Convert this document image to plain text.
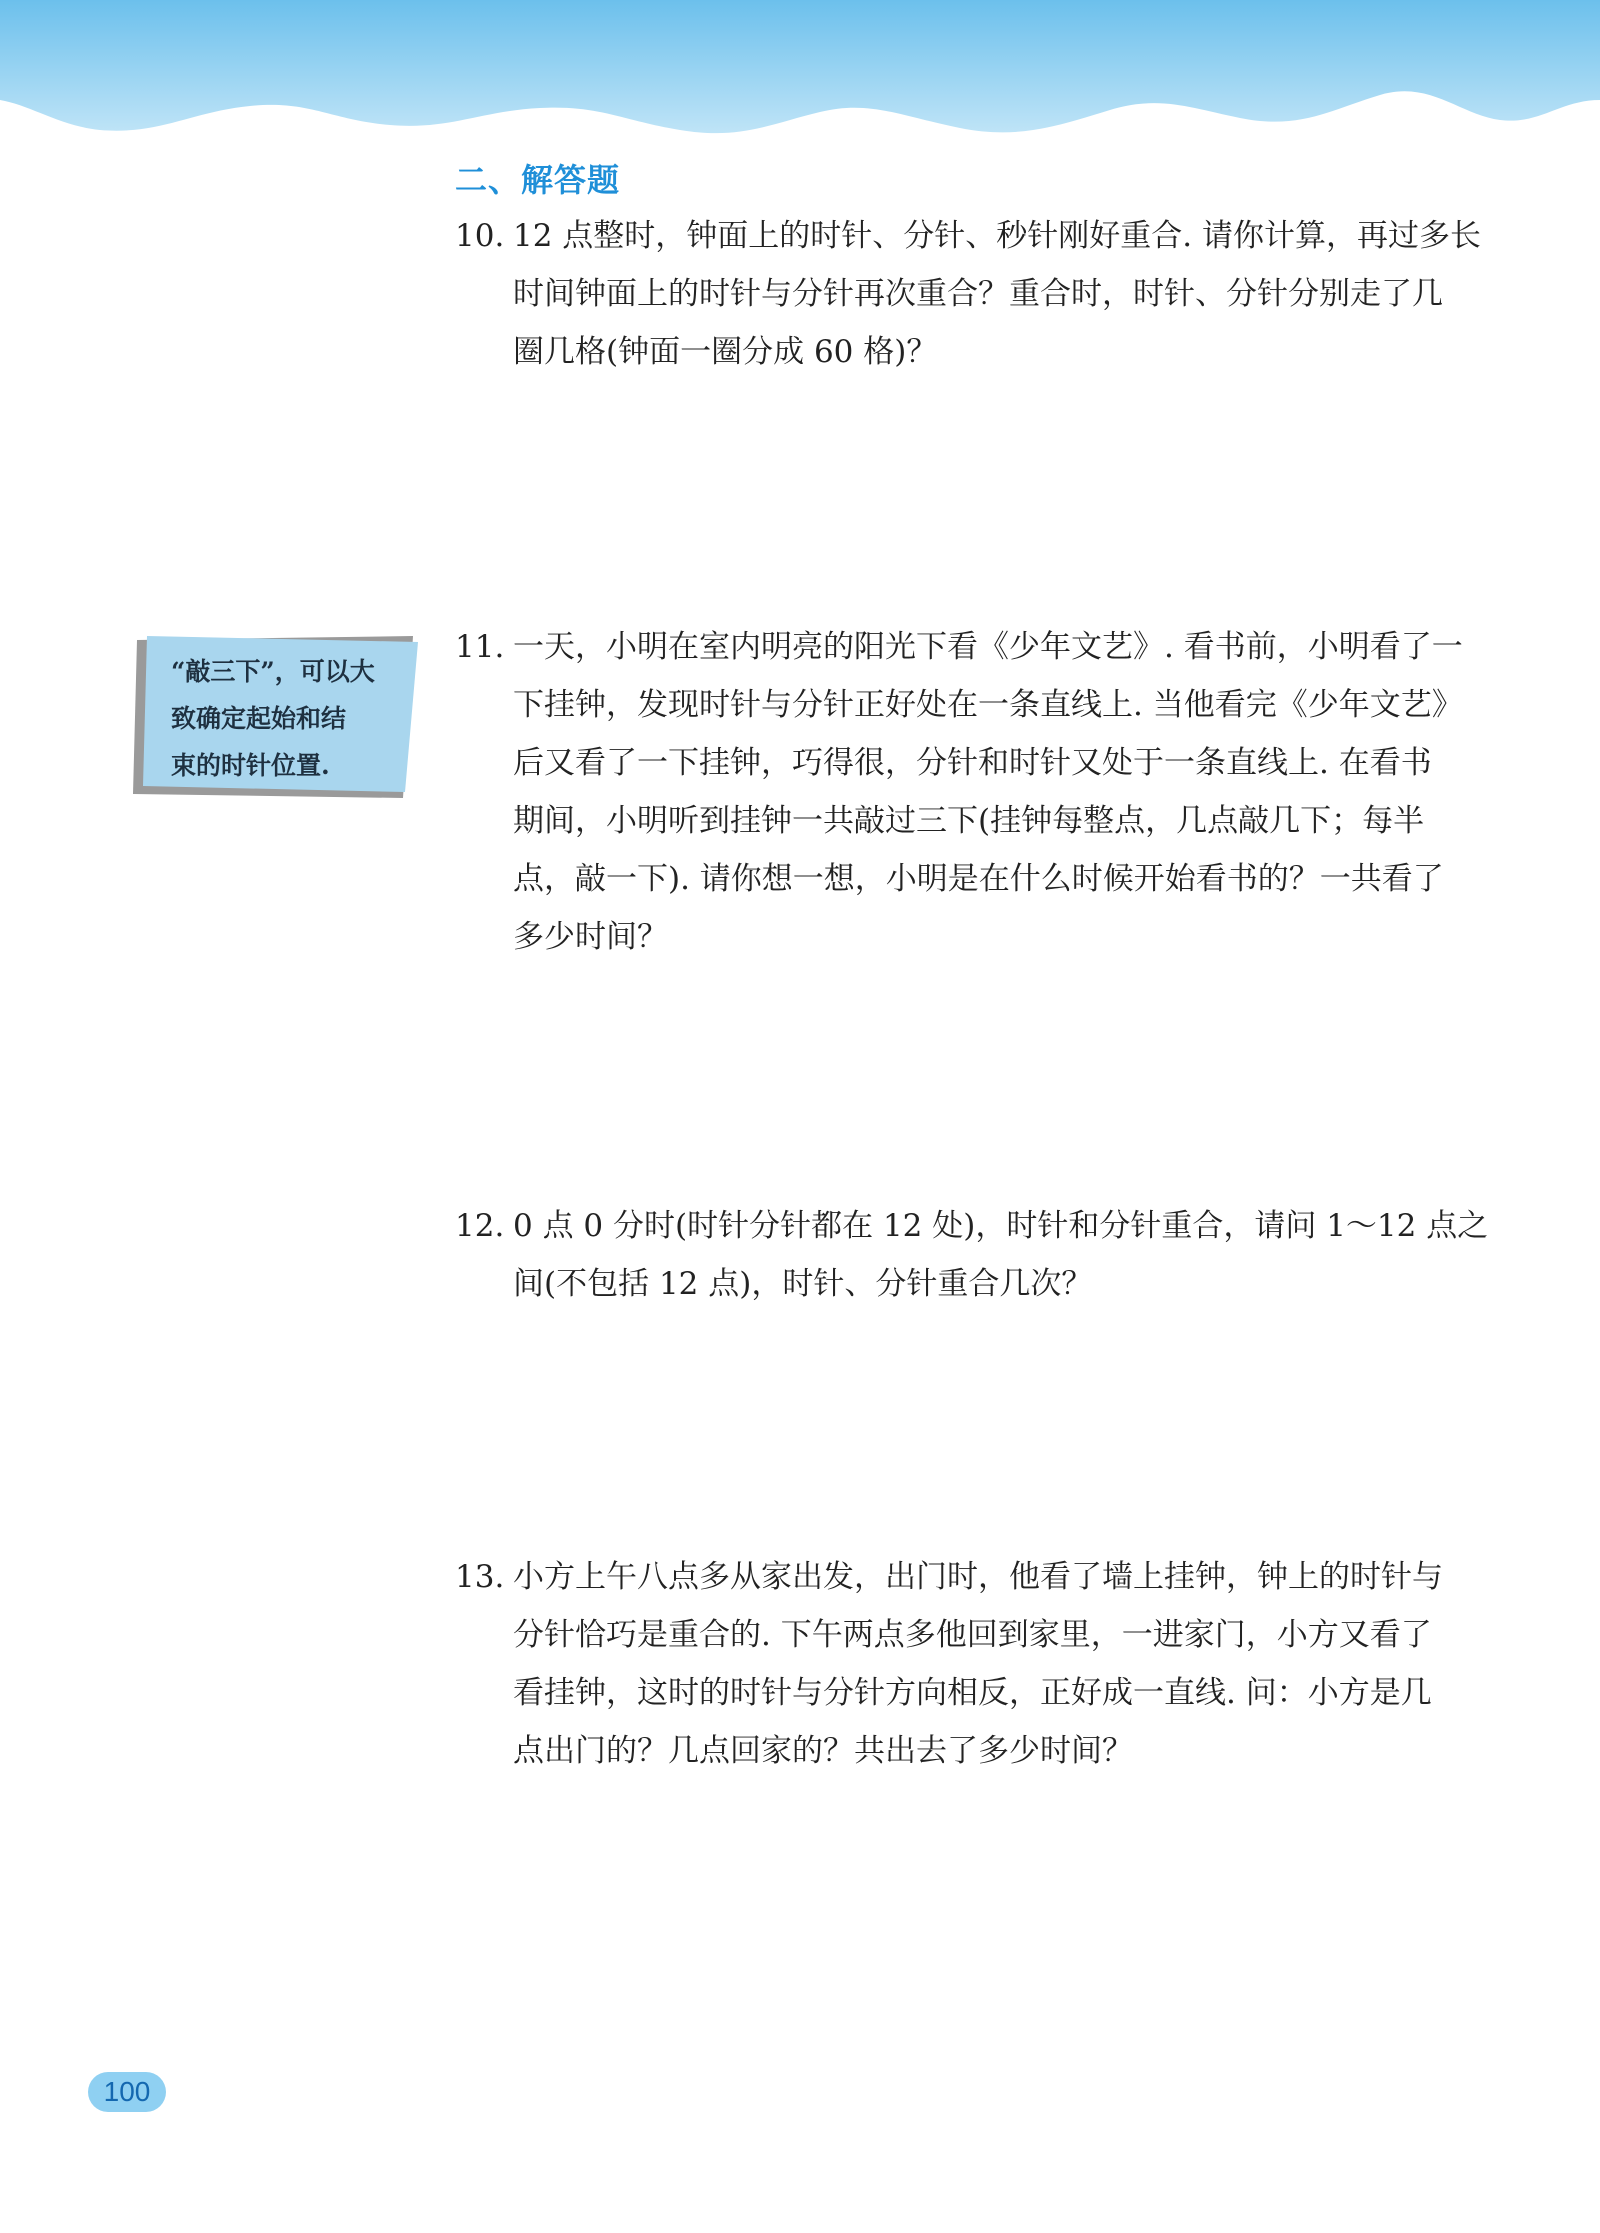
二、解答题
10. 12 点整时，钟面上的时针、分针、秒针刚好重合. 请你计算，再过多长
时间钟面上的时针与分针再次重合？重合时，时针、分针分别走了几
圈几格(钟面一圈分成 60 格)？
“敲三下”，可以大
致确定起始和结
束的时针位置.
11. 一天，小明在室内明亮的阳光下看《少年文艺》. 看书前，小明看了一
下挂钟，发现时针与分针正好处在一条直线上. 当他看完《少年文艺》
后又看了一下挂钟，巧得很，分针和时针又处于一条直线上. 在看书
期间，小明听到挂钟一共敲过三下(挂钟每整点，几点敲几下；每半
点，敲一下). 请你想一想，小明是在什么时候开始看书的？一共看了
多少时间？
12. 0 点 0 分时(时针分针都在 12 处)，时针和分针重合，请问 1～12 点之
间(不包括 12 点)，时针、分针重合几次？
13. 小方上午八点多从家出发，出门时，他看了墙上挂钟，钟上的时针与
分针恰巧是重合的. 下午两点多他回到家里，一进家门，小方又看了
看挂钟，这时的时针与分针方向相反，正好成一直线. 问：小方是几
点出门的？几点回家的？共出去了多少时间？
100
